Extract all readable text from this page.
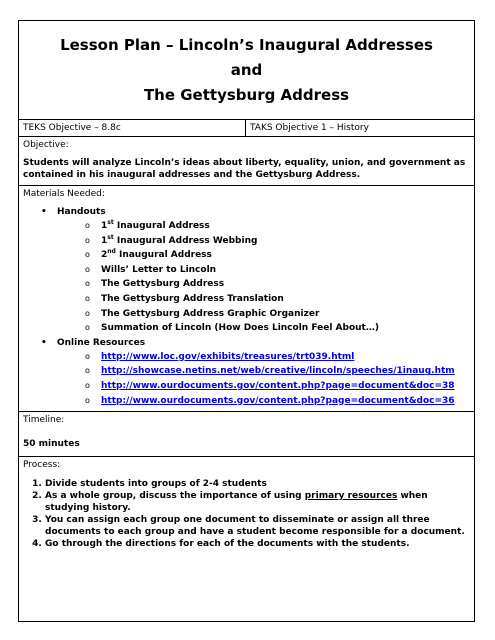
Lesson Plan – Lincoln’s Inaugural Addresses
and
The Gettysburg Address

TEKS Objective – 8.8c	TAKS Objective 1 – History

Objective:
Students will analyze Lincoln’s ideas about liberty, equality, union, and government as contained in his inaugural addresses and the Gettysburg Address.

Materials Needed:
• Handouts
o 1st Inaugural Address
o 1st Inaugural Address Webbing
o 2nd Inaugural Address
o Wills’ Letter to Lincoln
o The Gettysburg Address
o The Gettysburg Address Translation
o The Gettysburg Address Graphic Organizer
o Summation of Lincoln (How Does Lincoln Feel About…)
• Online Resources
o http://www.loc.gov/exhibits/treasures/trt039.html
o http://showcase.netins.net/web/creative/lincoln/speeches/1inaug.htm
o http://www.ourdocuments.gov/content.php?page=document&doc=38
o http://www.ourdocuments.gov/content.php?page=document&doc=36

Timeline:
50 minutes

Process:
1. Divide students into groups of 2-4 students
2. As a whole group, discuss the importance of using primary resources when studying history.
3. You can assign each group one document to disseminate or assign all three documents to each group and have a student become responsible for a document.
4. Go through the directions for each of the documents with the students.
